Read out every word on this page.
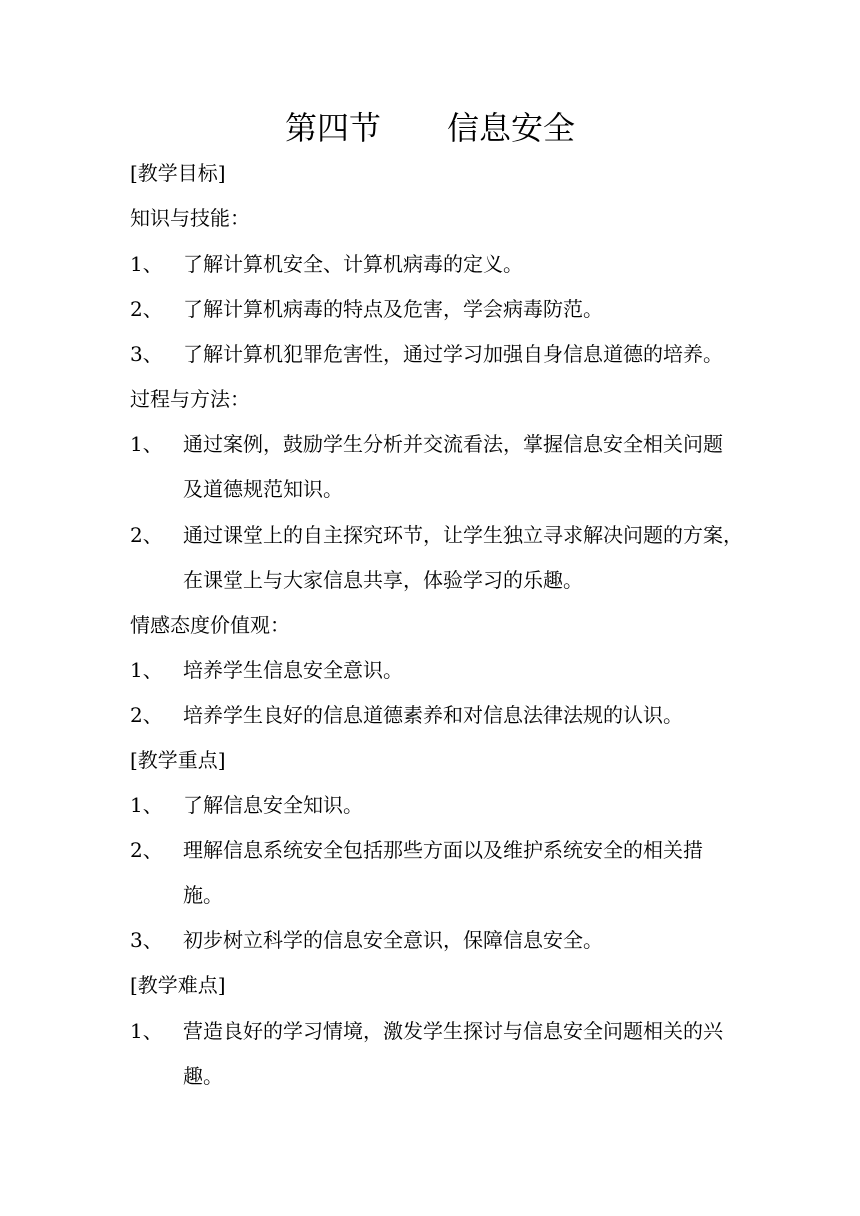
第四节 信息安全
[教学目标]
知识与技能：
1、 了解计算机安全、计算机病毒的定义。
2、 了解计算机病毒的特点及危害，学会病毒防范。
3、 了解计算机犯罪危害性，通过学习加强自身信息道德的培养。
过程与方法：
1、 通过案例，鼓励学生分析并交流看法，掌握信息安全相关问题
及道德规范知识。
2、 通过课堂上的自主探究环节，让学生独立寻求解决问题的方案，
在课堂上与大家信息共享，体验学习的乐趣。
情感态度价值观：
1、 培养学生信息安全意识。
2、 培养学生良好的信息道德素养和对信息法律法规的认识。
[教学重点]
1、 了解信息安全知识。
2、 理解信息系统安全包括那些方面以及维护系统安全的相关措
施。
3、 初步树立科学的信息安全意识，保障信息安全。
[教学难点]
1、 营造良好的学习情境，激发学生探讨与信息安全问题相关的兴
趣。
